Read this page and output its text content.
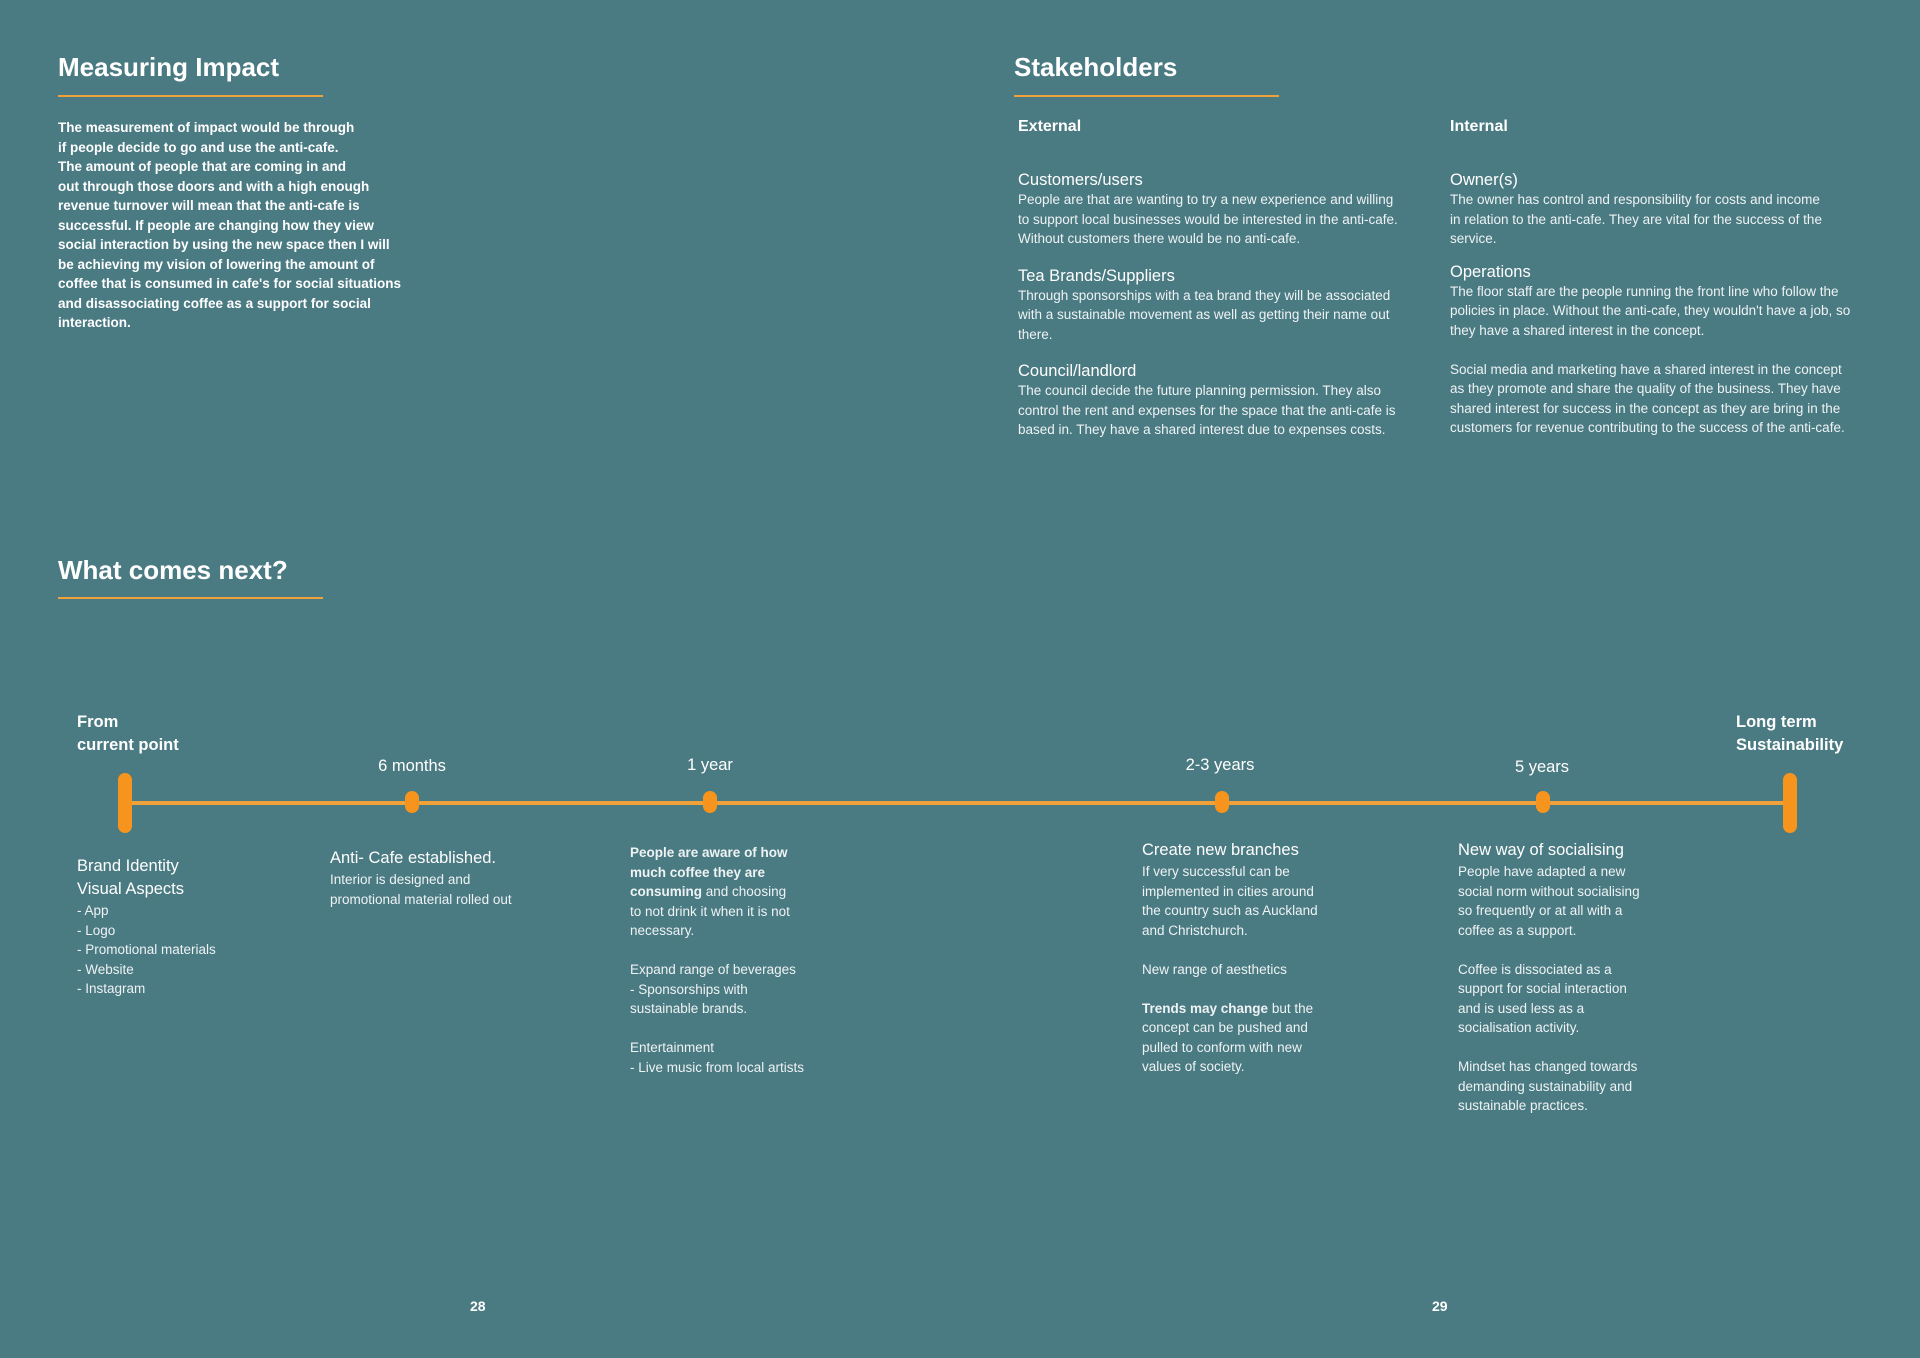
Measuring Impact
The measurement of impact would be through
if people decide to go and use the anti-cafe.
The amount of people that are coming in and
out through those doors and with a high enough
revenue turnover will mean that the anti-cafe is
successful. If people are changing how they view
social interaction by using the new space then I will
be achieving my vision of lowering the amount of
coffee that is consumed in cafe's for social situations
and disassociating coffee as a support for social
interaction.
Stakeholders
External	Internal
Customers/users
People are that are wanting to try a new experience and willing
to support local businesses would be interested in the anti-cafe.
Without customers there would be no anti-cafe.
Tea Brands/Suppliers
Through sponsorships with a tea brand they will be associated
with a sustainable movement as well as getting their name out
there.
Council/landlord
The council decide the future planning permission. They also
control the rent and expenses for the space that the anti-cafe is
based in. They have a shared interest due to expenses costs.
Owner(s)
The owner has control and responsibility for costs and income
in relation to the anti-cafe. They are vital for the success of the
service.
Operations
The floor staff are the people running the front line who follow the
policies in place. Without the anti-cafe, they wouldn't have a job, so
they have a shared interest in the concept.
Social media and marketing have a shared interest in the concept
as they promote and share the quality of the business. They have
shared interest for success in the concept as they are bring in the
customers for revenue contributing to the success of the anti-cafe.
What comes next?
From
current point
Long term
Sustainability
6 months	1 year	2-3 years	5 years
Brand Identity
Visual Aspects
- App
- Logo
- Promotional materials
- Website
- Instagram
Anti- Cafe established.
Interior is designed and
promotional material rolled out
People are aware of how
much coffee they are
consuming and choosing
to not drink it when it is not
necessary.
Expand range of beverages
- Sponsorships with
sustainable brands.
Entertainment
- Live music from local artists
Create new branches
If very successful can be
implemented in cities around
the country such as Auckland
and Christchurch.
New range of aesthetics
Trends may change but the
concept can be pushed and
pulled to conform with new
values of society.
New way of socialising
People have adapted a new
social norm without socialising
so frequently or at all with a
coffee as a support.
Coffee is dissociated as a
support for social interaction
and is used less as a
socialisation activity.
Mindset has changed towards
demanding sustainability and
sustainable practices.
28	29
